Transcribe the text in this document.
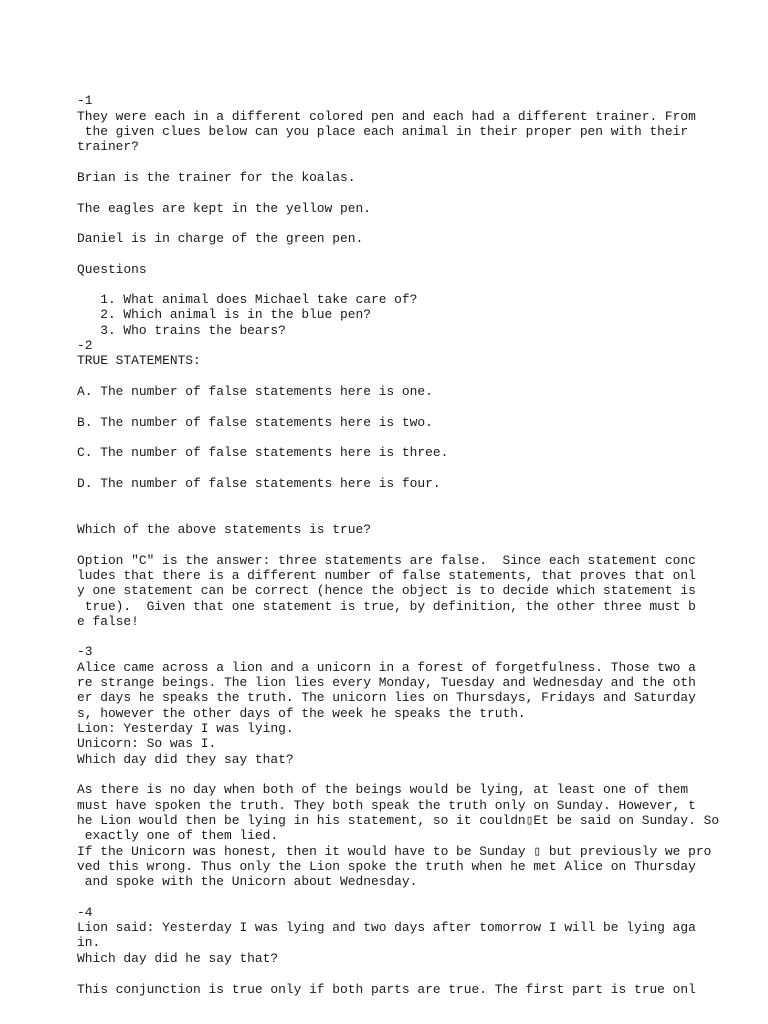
-1

They were each in a different colored pen and each had a different trainer. From

the given clues below can you place each animal in their proper pen with their

trainer?

Brian is the trainer for the koalas.

The eagles are kept in the yellow pen.

Daniel is in charge of the green pen.

Questions

1. What animal does Michael take care of?

2. Which animal is in the blue pen?

3. Who trains the bears?

-2

TRUE STATEMENTS:

A. The number of false statements here is one.

B. The number of false statements here is two.

C. The number of false statements here is three.

D. The number of false statements here is four.

Which of the above statements is true?

Option "C" is the answer: three statements are false.  Since each statement conc

ludes that there is a different number of false statements, that proves that onl

y one statement can be correct (hence the object is to decide which statement is

true).  Given that one statement is true, by definition, the other three must b

e false!

-3

Alice came across a lion and a unicorn in a forest of forgetfulness. Those two a

re strange beings. The lion lies every Monday, Tuesday and Wednesday and the oth

er days he speaks the truth. The unicorn lies on Thursdays, Fridays and Saturday

s, however the other days of the week he speaks the truth.

Lion: Yesterday I was lying.

Unicorn: So was I.

Which day did they say that?

As there is no day when both of the beings would be lying, at least one of them

must have spoken the truth. They both speak the truth only on Sunday. However, t

he Lion would then be lying in his statement, so it couldn▯Et be said on Sunday. So

exactly one of them lied.

If the Unicorn was honest, then it would have to be Sunday ▯ but previously we pro

ved this wrong. Thus only the Lion spoke the truth when he met Alice on Thursday

and spoke with the Unicorn about Wednesday.

-4

Lion said: Yesterday I was lying and two days after tomorrow I will be lying aga

in.

Which day did he say that?

This conjunction is true only if both parts are true. The first part is true onl
